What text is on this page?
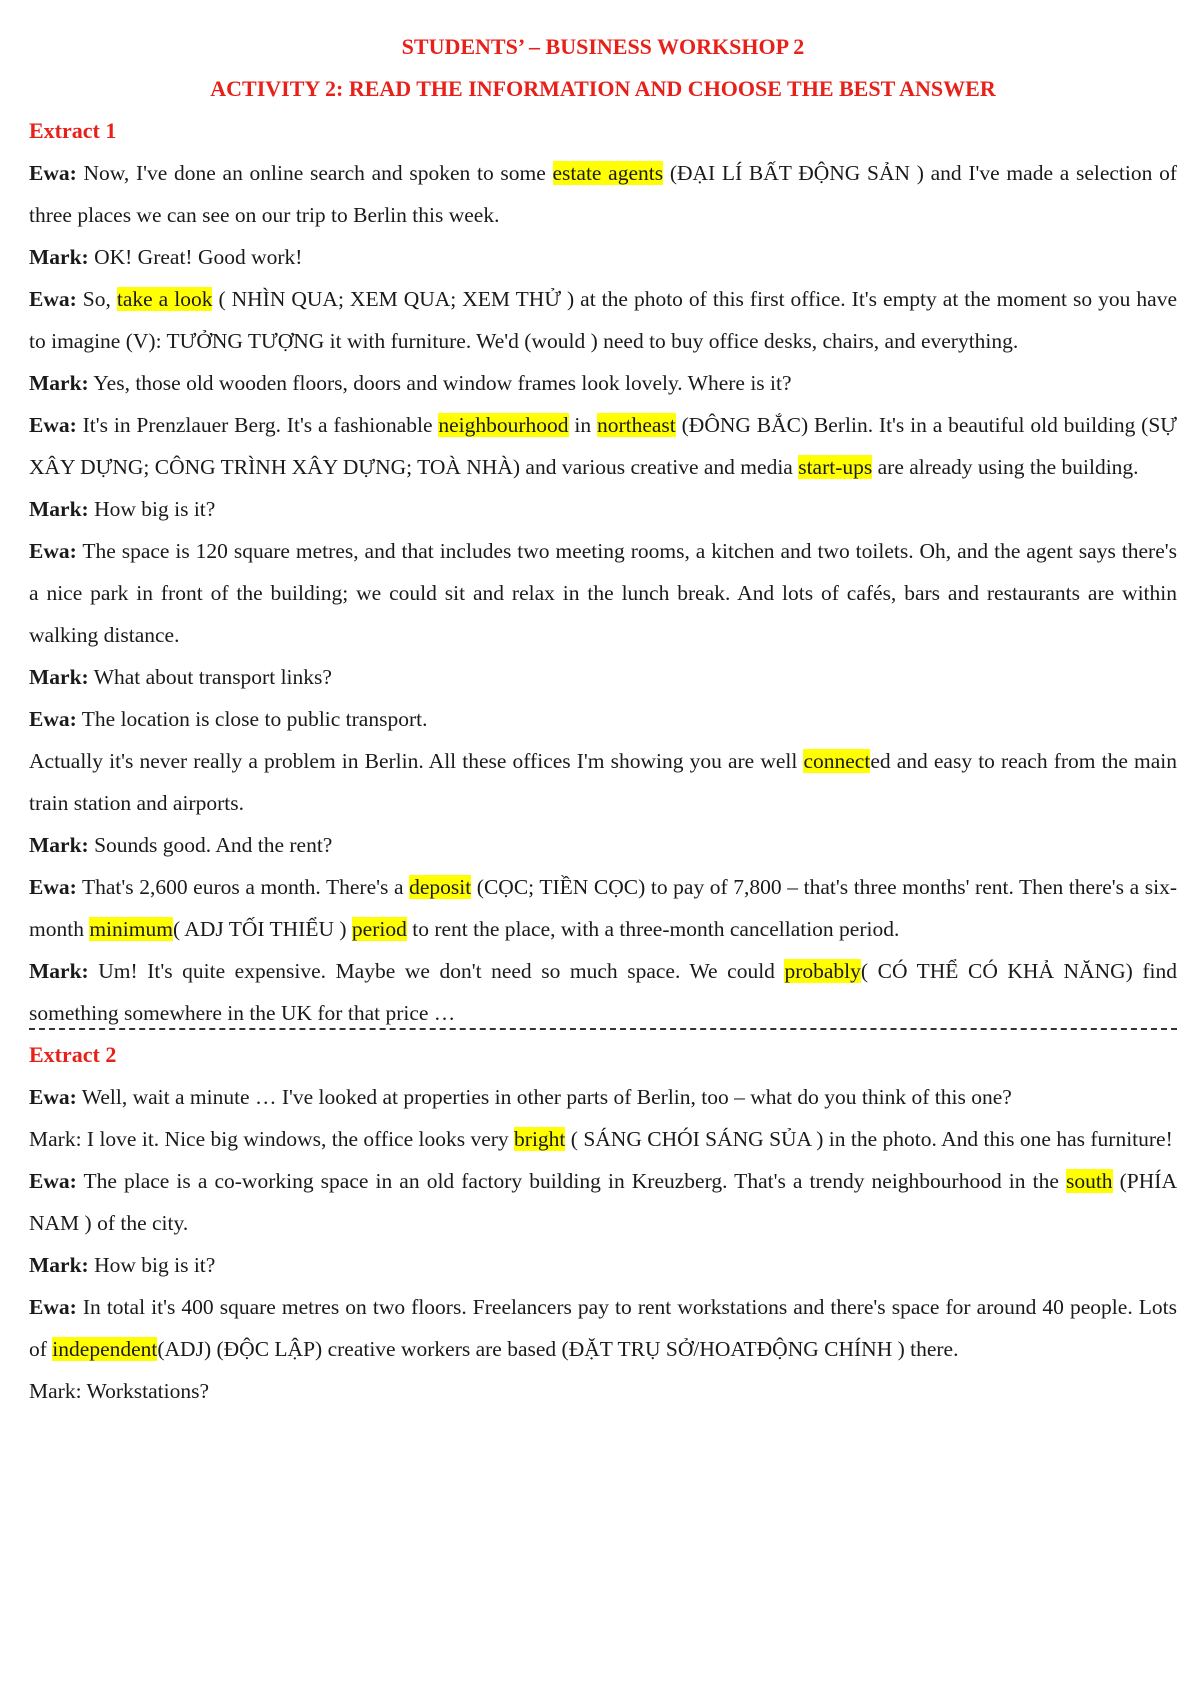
STUDENTS’ – BUSINESS WORKSHOP 2

ACTIVITY 2: READ THE INFORMATION AND CHOOSE THE BEST ANSWER

Extract 1

Ewa: Now, I've done an online search and spoken to some estate agents (ĐẠI LÍ BẤT ĐỘNG SẢN ) and I've made a selection of three places we can see on our trip to Berlin this week.

Mark: OK! Great! Good work!

Ewa: So, take a look ( NHÌN QUA; XEM QUA; XEM THỬ ) at the photo of this first office. It's empty at the moment so you have to imagine (V): TƯỞNG TƯỢNG it with furniture. We'd (would ) need to buy office desks, chairs, and everything.

Mark: Yes, those old wooden floors, doors and window frames look lovely. Where is it?

Ewa: It's in Prenzlauer Berg. It's a fashionable neighbourhood in northeast (ĐÔNG BẮC) Berlin. It's in a beautiful old building (SỰ XÂY DỰNG; CÔNG TRÌNH XÂY DỰNG; TOÀ NHÀ) and various creative and media start-ups are already using the building.

Mark: How big is it?

Ewa: The space is 120 square metres, and that includes two meeting rooms, a kitchen and two toilets. Oh, and the agent says there's a nice park in front of the building; we could sit and relax in the lunch break. And lots of cafés, bars and restaurants are within walking distance.

Mark: What about transport links?

Ewa: The location is close to public transport.

Actually it's never really a problem in Berlin. All these offices I'm showing you are well connected and easy to reach from the main train station and airports.

Mark: Sounds good. And the rent?

Ewa: That's 2,600 euros a month. There's a deposit (CỌC; TIỀN CỌC) to pay of 7,800 – that's three months' rent. Then there's a six-month minimum( ADJ TỐI THIỂU ) period to rent the place, with a three-month cancellation period.

Mark: Um! It's quite expensive. Maybe we don't need so much space. We could probably( CÓ THỂ CÓ KHẢ NĂNG) find something somewhere in the UK for that price …

Extract 2

Ewa: Well, wait a minute … I've looked at properties in other parts of Berlin, too – what do you think of this one?

Mark: I love it. Nice big windows, the office looks very bright ( SÁNG CHÓI SÁNG SỦA ) in the photo. And this one has furniture!

Ewa: The place is a co-working space in an old factory building in Kreuzberg. That's a trendy neighbourhood in the south (PHÍA NAM ) of the city.

Mark: How big is it?

Ewa: In total it's 400 square metres on two floors. Freelancers pay to rent workstations and there's space for around 40 people. Lots of independent(ADJ) (ĐỘC LẬP) creative workers are based (ĐẶT TRỤ SỞ/HOATĐỘNG CHÍNH ) there.

Mark: Workstations?
